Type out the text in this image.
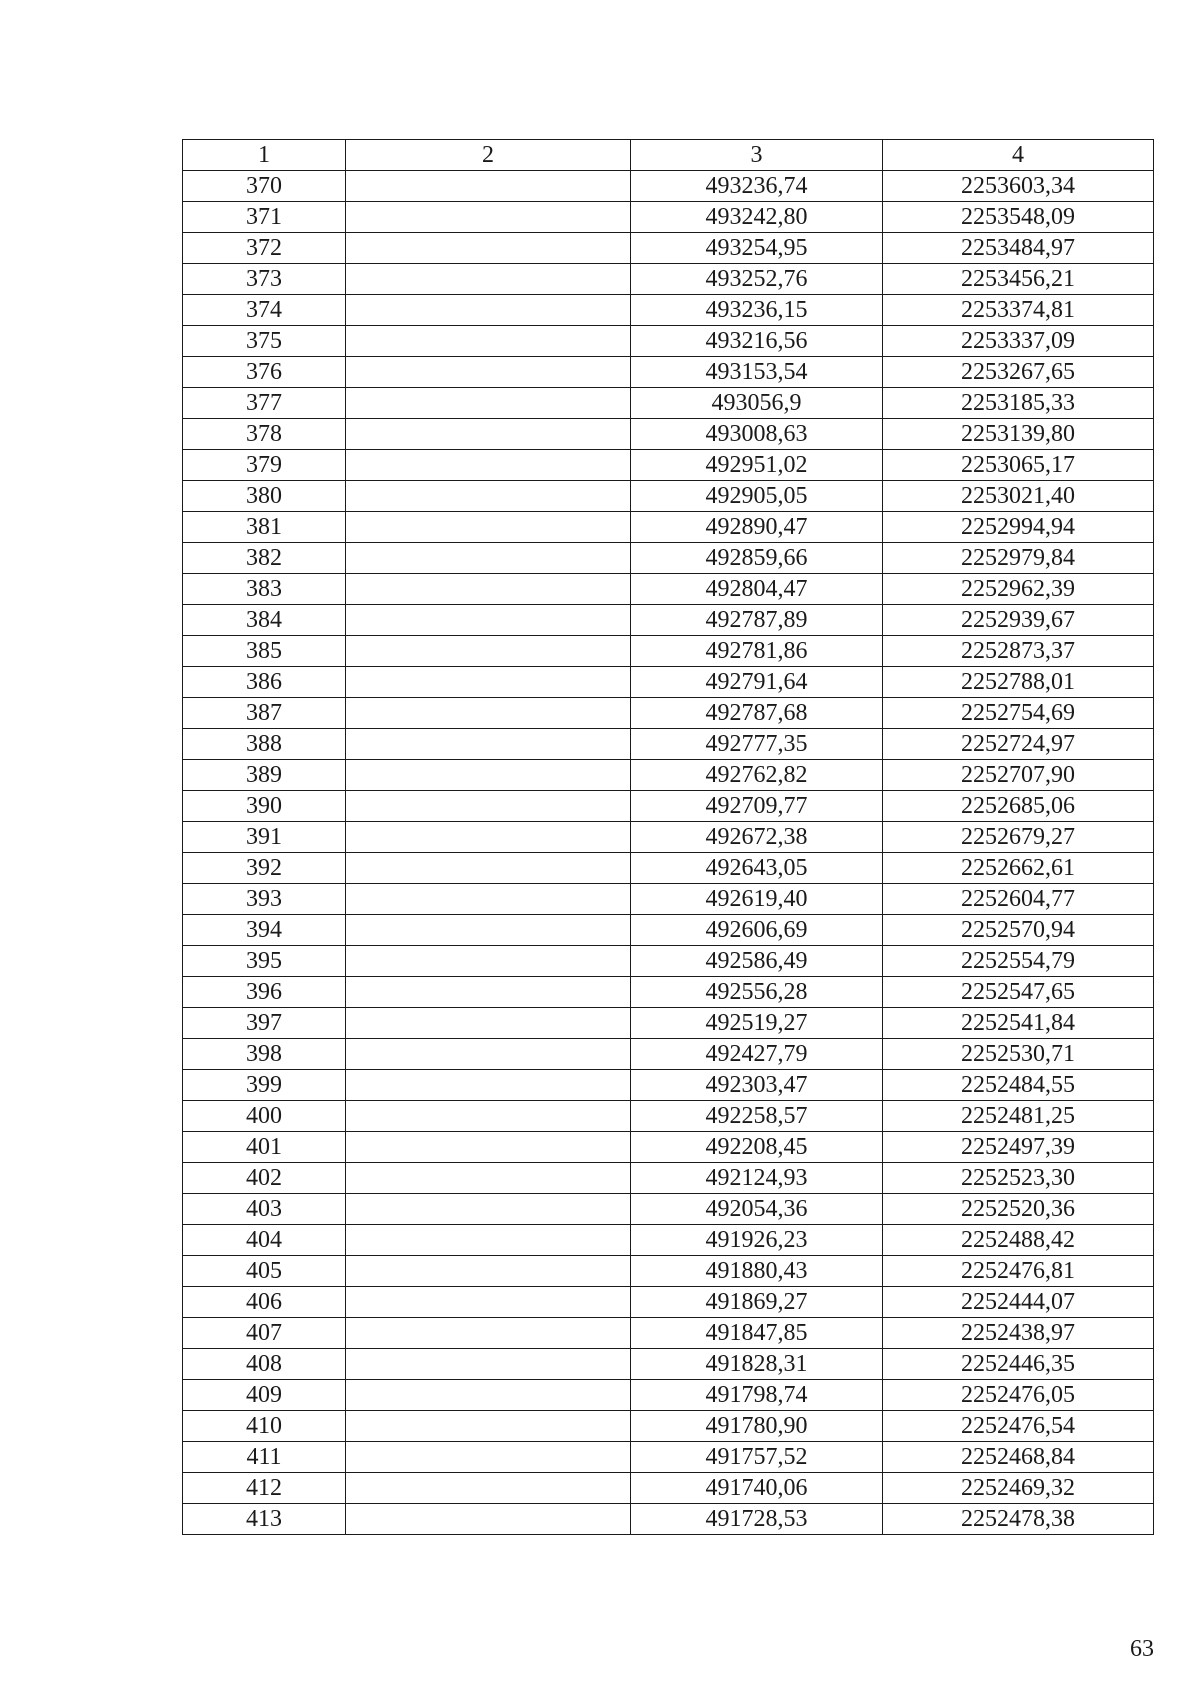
1	2	3	4
370		493236,74	2253603,34
371		493242,80	2253548,09
372		493254,95	2253484,97
373		493252,76	2253456,21
374		493236,15	2253374,81
375		493216,56	2253337,09
376		493153,54	2253267,65
377		493056,9	2253185,33
378		493008,63	2253139,80
379		492951,02	2253065,17
380		492905,05	2253021,40
381		492890,47	2252994,94
382		492859,66	2252979,84
383		492804,47	2252962,39
384		492787,89	2252939,67
385		492781,86	2252873,37
386		492791,64	2252788,01
387		492787,68	2252754,69
388		492777,35	2252724,97
389		492762,82	2252707,90
390		492709,77	2252685,06
391		492672,38	2252679,27
392		492643,05	2252662,61
393		492619,40	2252604,77
394		492606,69	2252570,94
395		492586,49	2252554,79
396		492556,28	2252547,65
397		492519,27	2252541,84
398		492427,79	2252530,71
399		492303,47	2252484,55
400		492258,57	2252481,25
401		492208,45	2252497,39
402		492124,93	2252523,30
403		492054,36	2252520,36
404		491926,23	2252488,42
405		491880,43	2252476,81
406		491869,27	2252444,07
407		491847,85	2252438,97
408		491828,31	2252446,35
409		491798,74	2252476,05
410		491780,90	2252476,54
411		491757,52	2252468,84
412		491740,06	2252469,32
413		491728,53	2252478,38
63
